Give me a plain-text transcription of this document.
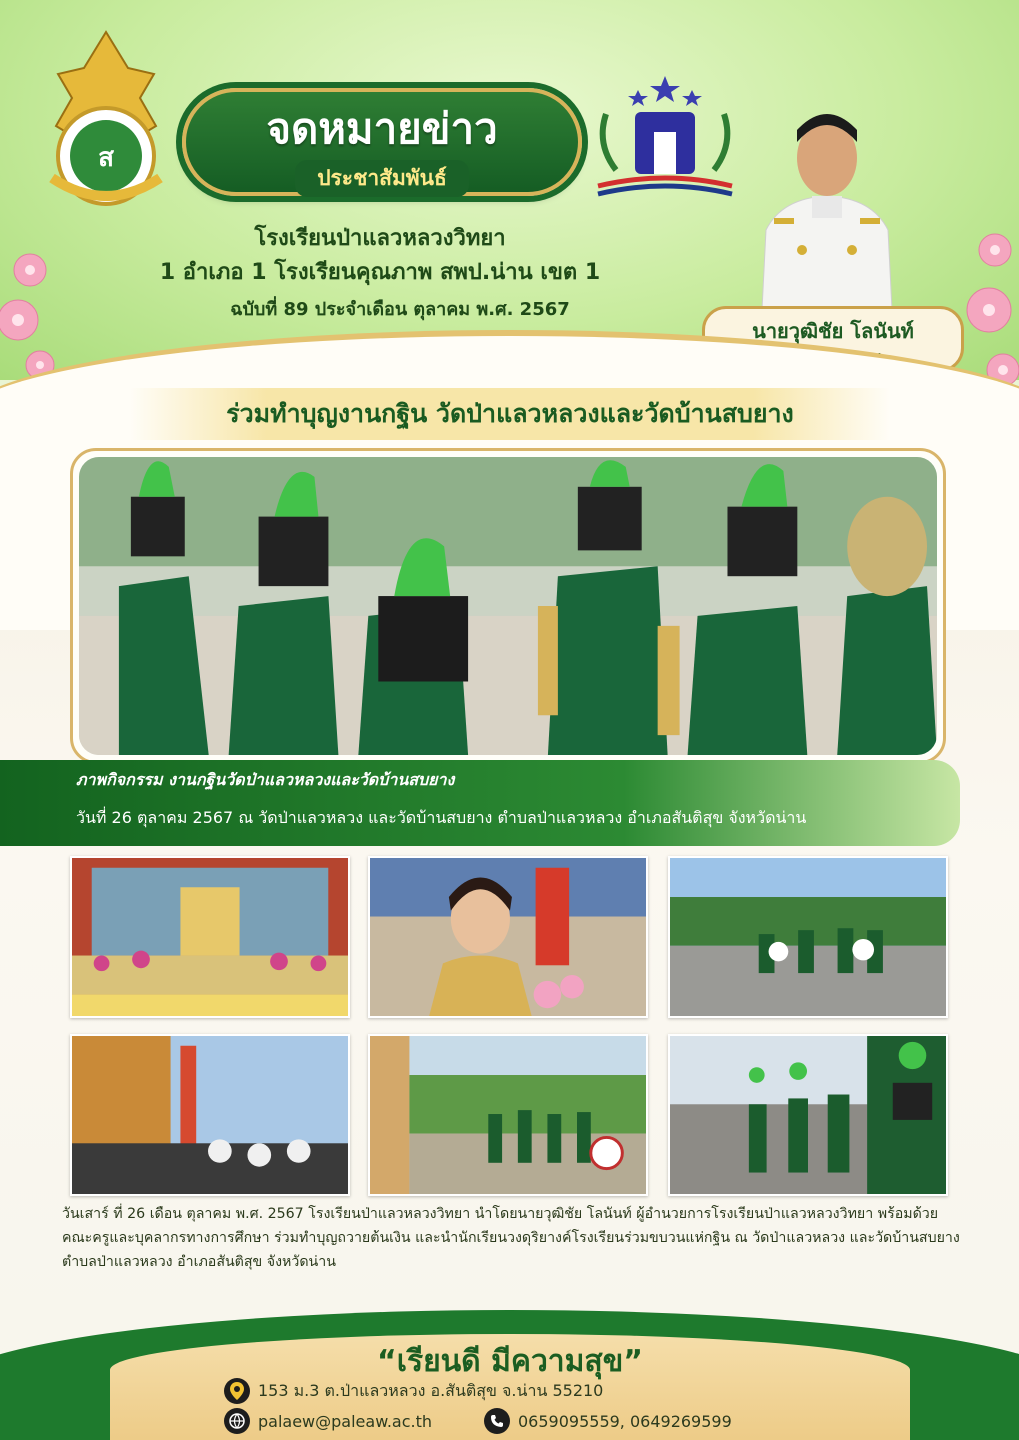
ส
จดหมายข่าว
ประชาสัมพันธ์
โรงเรียนป่าแลวหลวงวิทยา
1 อำเภอ 1 โรงเรียนคุณภาพ สพป.น่าน เขต 1
ฉบับที่ 89 ประจำเดือน ตุลาคม พ.ศ. 2567
นายวุฒิชัย โลนันท์
ร่วมทำบุญงานกฐิน วัดป่าแลวหลวงและวัดบ้านสบยาง
ภาพกิจกรรม งานกฐินวัดป่าแลวหลวงและวัดบ้านสบยาง
วันที่ 26 ตุลาคม 2567 ณ วัดป่าแลวหลวง และวัดบ้านสบยาง ตำบลป่าแลวหลวง อำเภอสันติสุข จังหวัดน่าน
วันเสาร์ ที่ 26 เดือน ตุลาคม พ.ศ. 2567 โรงเรียนป่าแลวหลวงวิทยา นำโดยนายวุฒิชัย โลนันท์ ผู้อำนวยการโรงเรียนป่าแลวหลวงวิทยา พร้อมด้วยคณะครูและบุคลากรทางการศึกษา ร่วมทำบุญถวายต้นเงิน และนำนักเรียนวงดุริยางค์โรงเรียนร่วมขบวนแห่กฐิน ณ วัดป่าแลวหลวง และวัดบ้านสบยาง ตำบลป่าแลวหลวง อำเภอสันติสุข จังหวัดน่าน
“เรียนดี มีความสุข”
153 ม.3 ต.ป่าแลวหลวง อ.สันติสุข จ.น่าน 55210
palaew@paleaw.ac.th	0659095559, 0649269599
